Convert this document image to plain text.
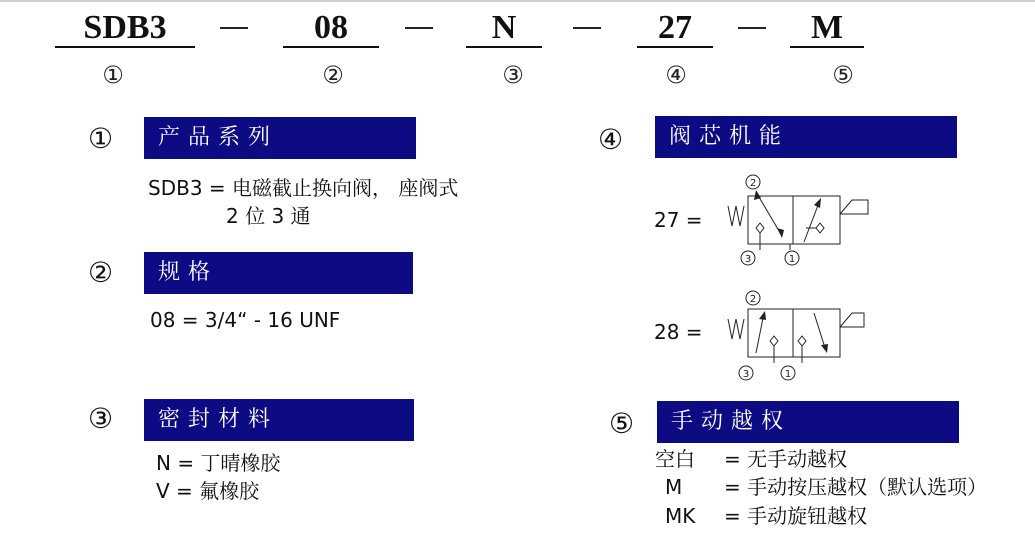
SDB3	08	N	27	M
①	②	③	④	⑤
①	产品系列
SDB3 = 电磁截止换向阀， 座阀式
2 位 3 通
②	规格
08 = 3/4“ - 16 UNF
③	密封材料
N = 丁晴橡胶
V = 氟橡胶
④	阀芯机能
27 =
2
3	1
28 =
2
3	1
⑤	手动越权
空白 = 无手动越权
M = 手动按压越权（默认选项）
MK = 手动旋钮越权
